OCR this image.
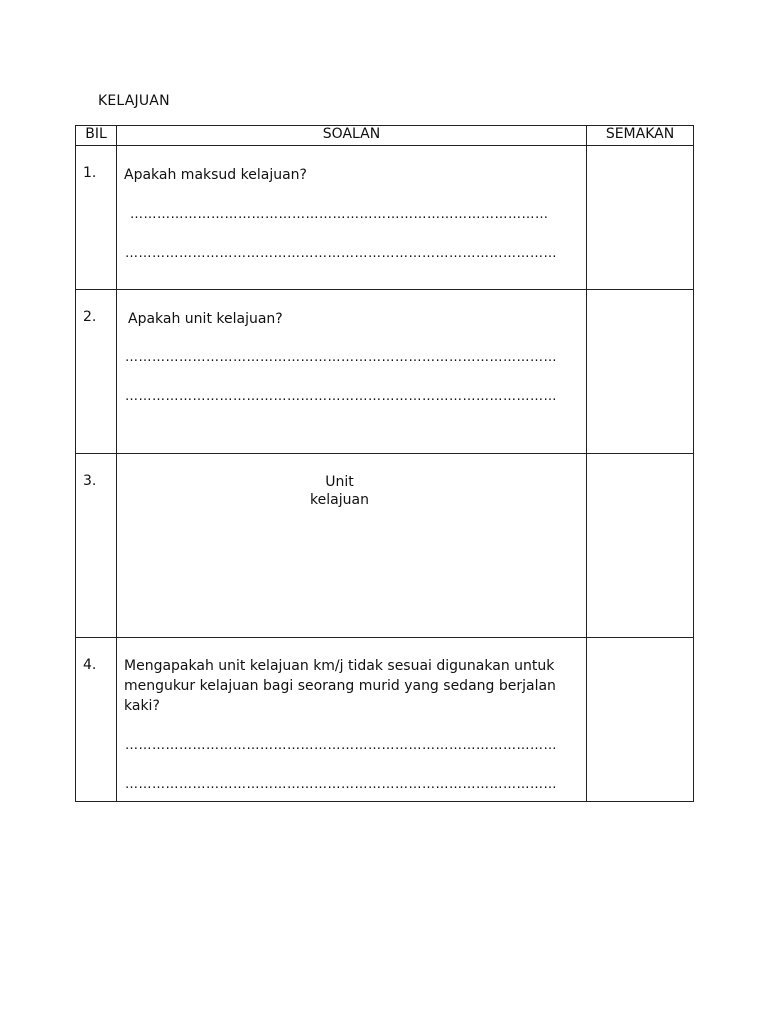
KELAJUAN
BIL	SOALAN	SEMAKAN

1.	Apakah maksud kelajuan?
…………………………………………………………………………………
……………………………………………………………………………………	

2.	Apakah unit kelajuan?
……………………………………………………………………………………
……………………………………………………………………………………	

3.	Unit
kelajuan	

4.	Mengapakah unit kelajuan km/j tidak sesuai digunakan untuk mengukur kelajuan bagi seorang murid yang sedang berjalan kaki?
……………………………………………………………………………………
……………………………………………………………………………………	
